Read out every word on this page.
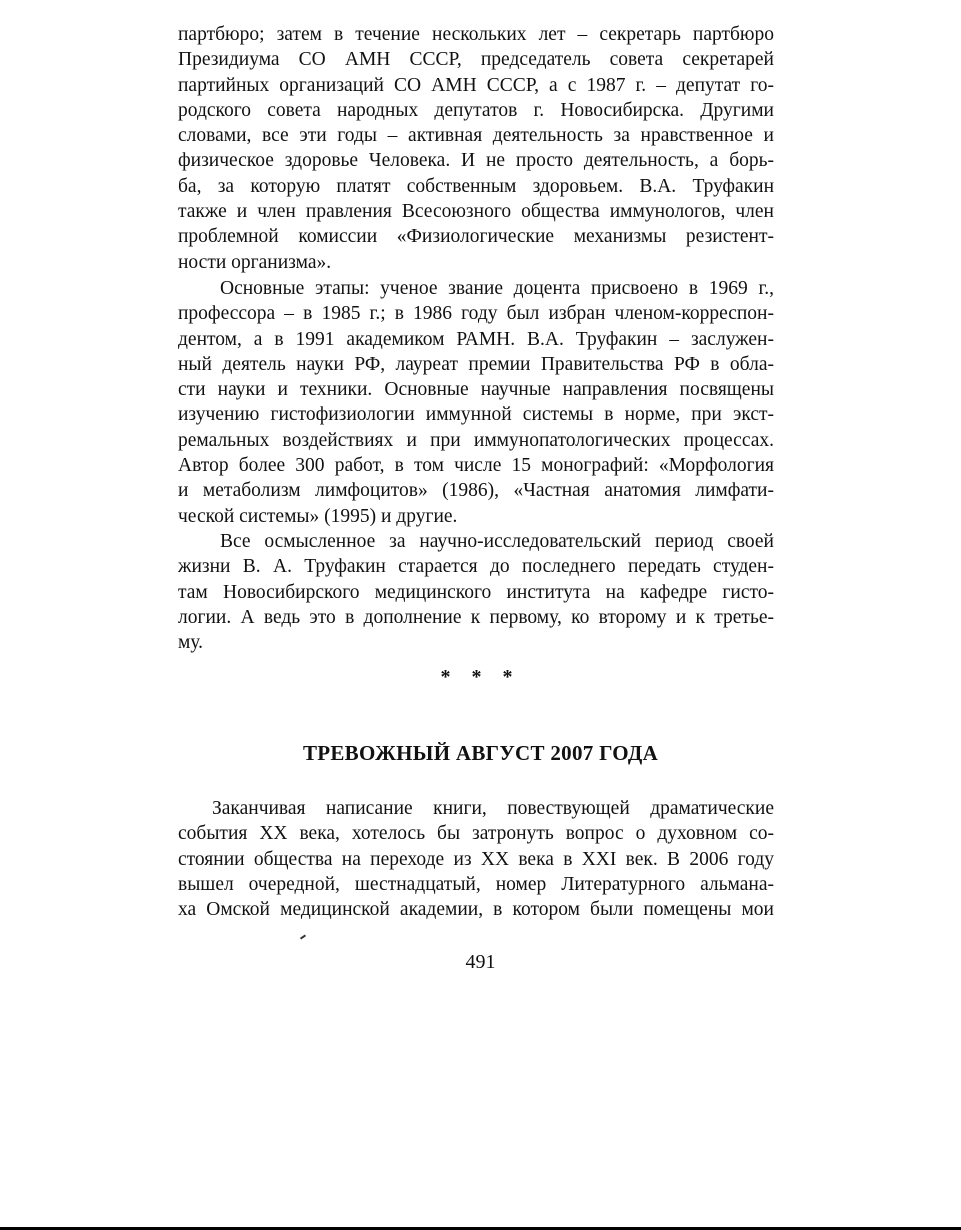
партбюро; затем в течение нескольких лет – секретарь партбюро
Президиума СО АМН СССР, председатель совета секретарей
партийных организаций СО АМН СССР, а с 1987 г. – депутат го-
родского совета народных депутатов г. Новосибирска. Другими
словами, все эти годы – активная деятельность за нравственное и
физическое здоровье Человека. И не просто деятельность, а борь-
ба, за которую платят собственным здоровьем. В.А. Труфакин
также и член правления Всесоюзного общества иммунологов, член
проблемной комиссии «Физиологические механизмы резистент-
ности организма».
Основные этапы: ученое звание доцента присвоено в 1969 г.,
профессора – в 1985 г.; в 1986 году был избран членом-корреспон-
дентом, а в 1991 академиком РАМН. В.А. Труфакин – заслужен-
ный деятель науки РФ, лауреат премии Правительства РФ в обла-
сти науки и техники. Основные научные направления посвящены
изучению гистофизиологии иммунной системы в норме, при экст-
ремальных воздействиях и при иммунопатологических процессах.
Автор более 300 работ, в том числе 15 монографий: «Морфология
и метаболизм лимфоцитов» (1986), «Частная анатомия лимфати-
ческой системы» (1995) и другие.
Все осмысленное за научно-исследовательский период своей
жизни В. А. Труфакин старается до последнего передать студен-
там Новосибирского медицинского института на кафедре гисто-
логии. А ведь это в дополнение к первому, ко второму и к третье-
му.
* * *
ТРЕВОЖНЫЙ АВГУСТ 2007 ГОДА
Заканчивая написание книги, повествующей драматические
события XX века, хотелось бы затронуть вопрос о духовном со-
стоянии общества на переходе из XX века в XXI век. В 2006 году
вышел очередной, шестнадцатый, номер Литературного альмана-
ха Омской медицинской академии, в котором были помещены мои
491
